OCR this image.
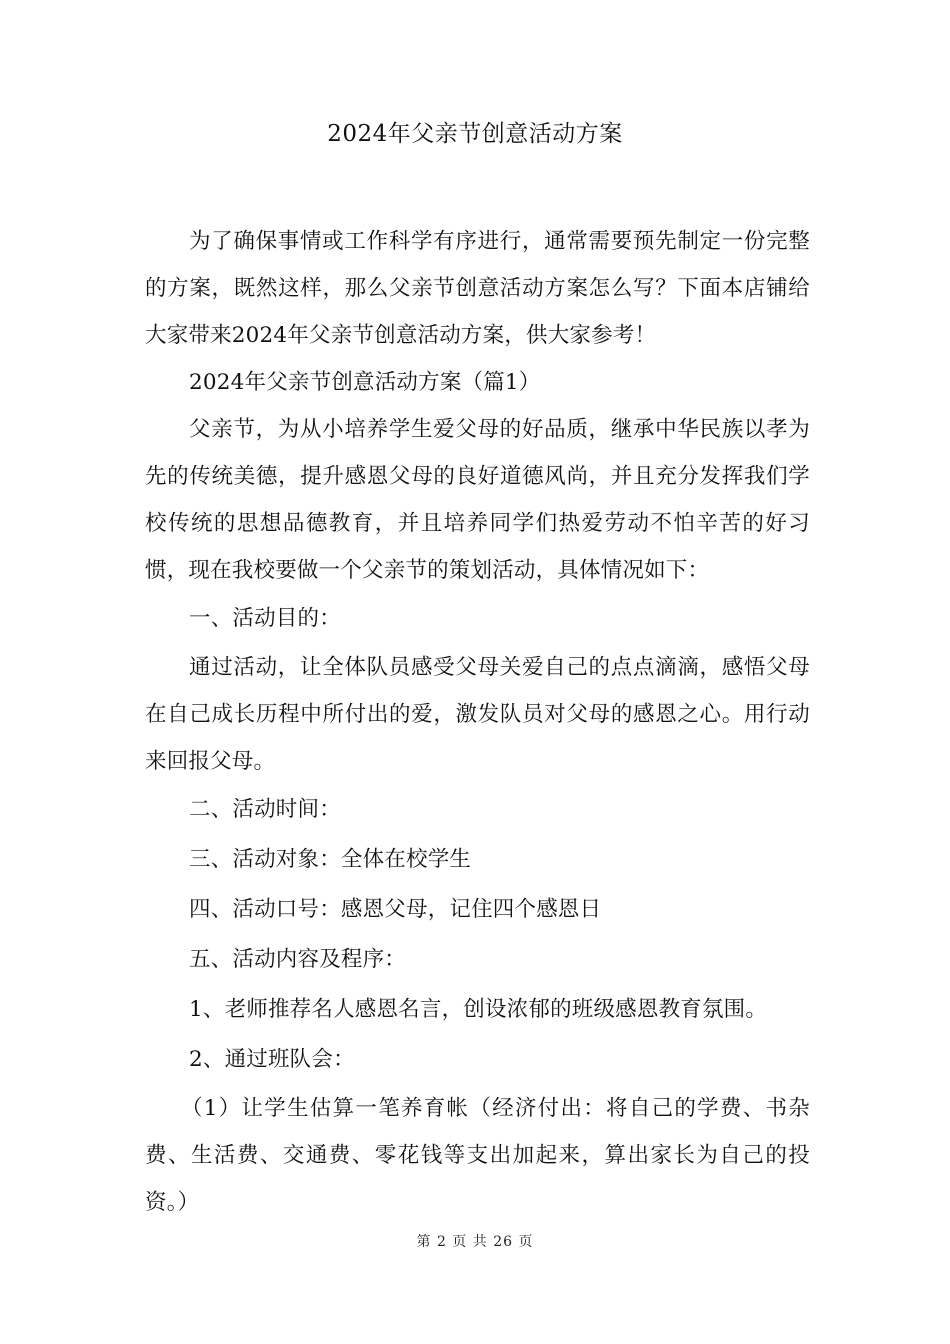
2024年父亲节创意活动方案

为了确保事情或工作科学有序进行，通常需要预先制定一份完整的方案，既然这样，那么父亲节创意活动方案怎么写？下面本店铺给大家带来2024年父亲节创意活动方案，供大家参考！

2024年父亲节创意活动方案（篇1）

父亲节，为从小培养学生爱父母的好品质，继承中华民族以孝为先的传统美德，提升感恩父母的良好道德风尚，并且充分发挥我们学校传统的思想品德教育，并且培养同学们热爱劳动不怕辛苦的好习惯，现在我校要做一个父亲节的策划活动，具体情况如下：

一、活动目的：

通过活动，让全体队员感受父母关爱自己的点点滴滴，感悟父母在自己成长历程中所付出的爱，激发队员对父母的感恩之心。用行动来回报父母。

二、活动时间：

三、活动对象：全体在校学生

四、活动口号：感恩父母，记住四个感恩日

五、活动内容及程序：

1、老师推荐名人感恩名言，创设浓郁的班级感恩教育氛围。

2、通过班队会：

（1）让学生估算一笔养育帐（经济付出：将自己的学费、书杂费、生活费、交通费、零花钱等支出加起来，算出家长为自己的投资。）

第 2 页 共 26 页
